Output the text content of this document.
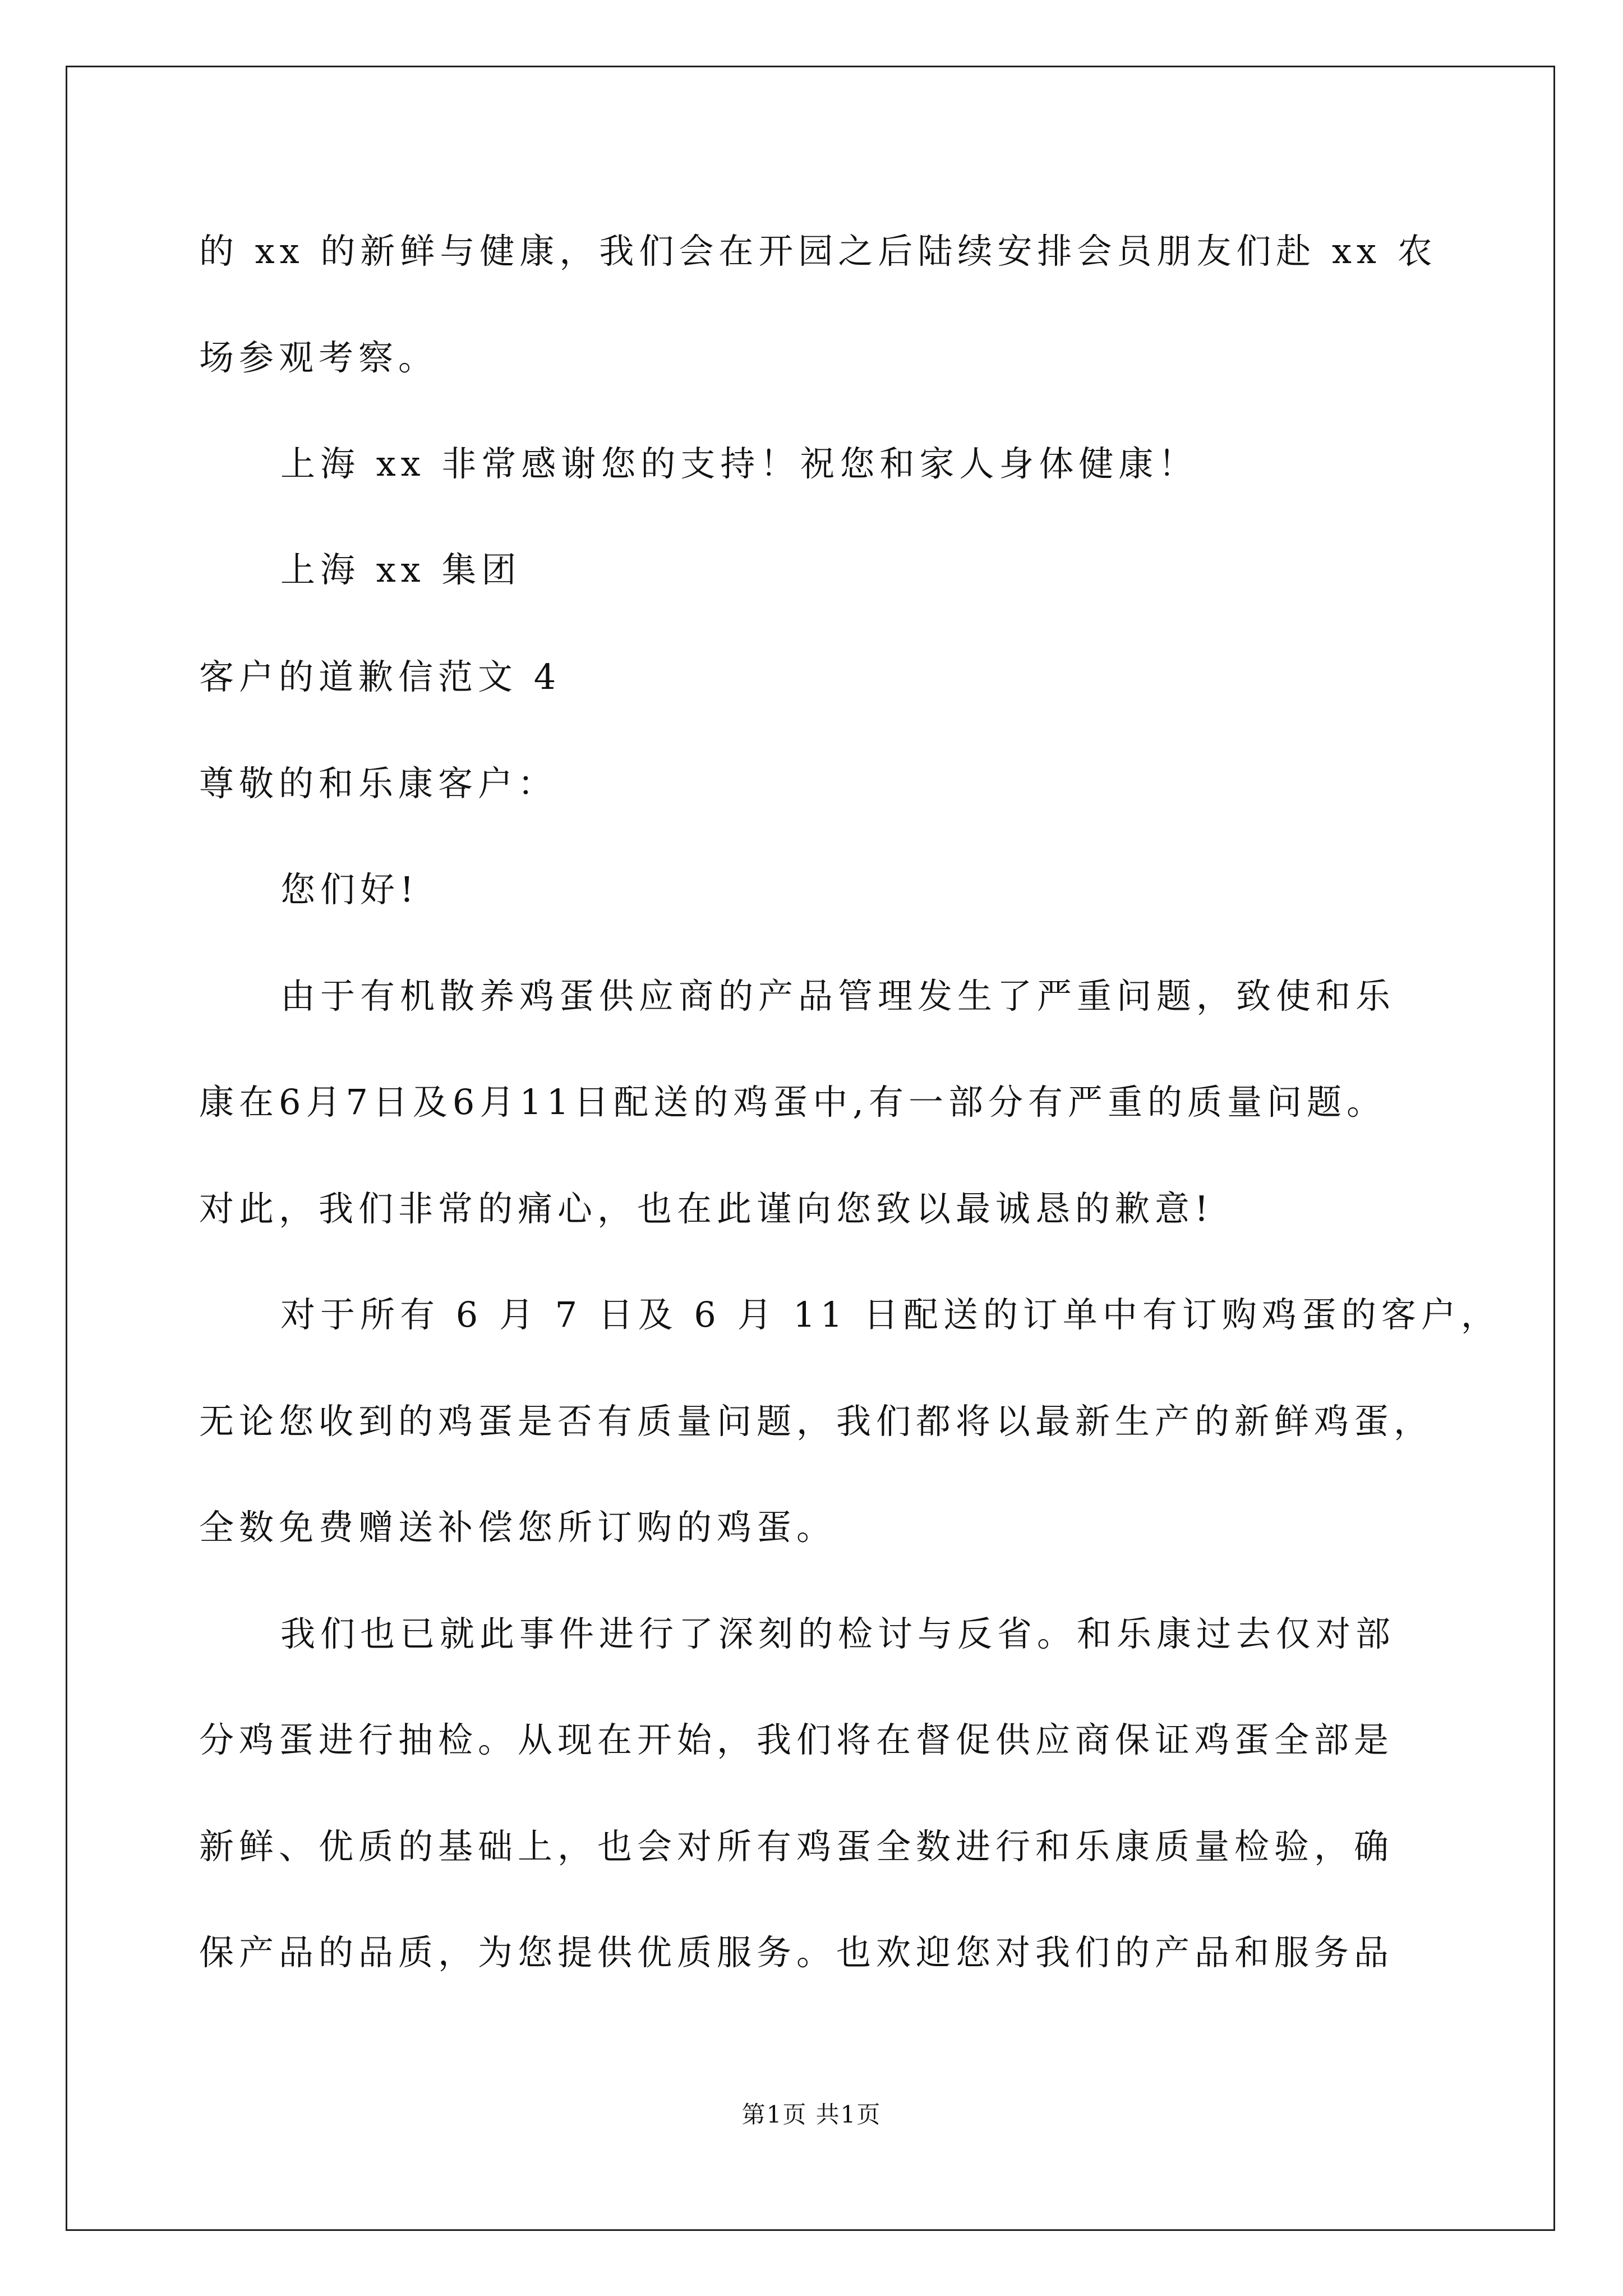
的 xx 的新鲜与健康，我们会在开园之后陆续安排会员朋友们赴 xx 农
场参观考察。
上海 xx 非常感谢您的支持！祝您和家人身体健康！
上海 xx 集团
客户的道歉信范文 4
尊敬的和乐康客户：
您们好!
由于有机散养鸡蛋供应商的产品管理发生了严重问题，致使和乐
康在6月7日及6月11日配送的鸡蛋中,有一部分有严重的质量问题。
对此，我们非常的痛心，也在此谨向您致以最诚恳的歉意!
对于所有 6 月 7 日及 6 月 11 日配送的订单中有订购鸡蛋的客户，
无论您收到的鸡蛋是否有质量问题，我们都将以最新生产的新鲜鸡蛋，
全数免费赠送补偿您所订购的鸡蛋。
我们也已就此事件进行了深刻的检讨与反省。和乐康过去仅对部
分鸡蛋进行抽检。从现在开始，我们将在督促供应商保证鸡蛋全部是
新鲜、优质的基础上，也会对所有鸡蛋全数进行和乐康质量检验，确
保产品的品质，为您提供优质服务。也欢迎您对我们的产品和服务品
第1页 共1页
